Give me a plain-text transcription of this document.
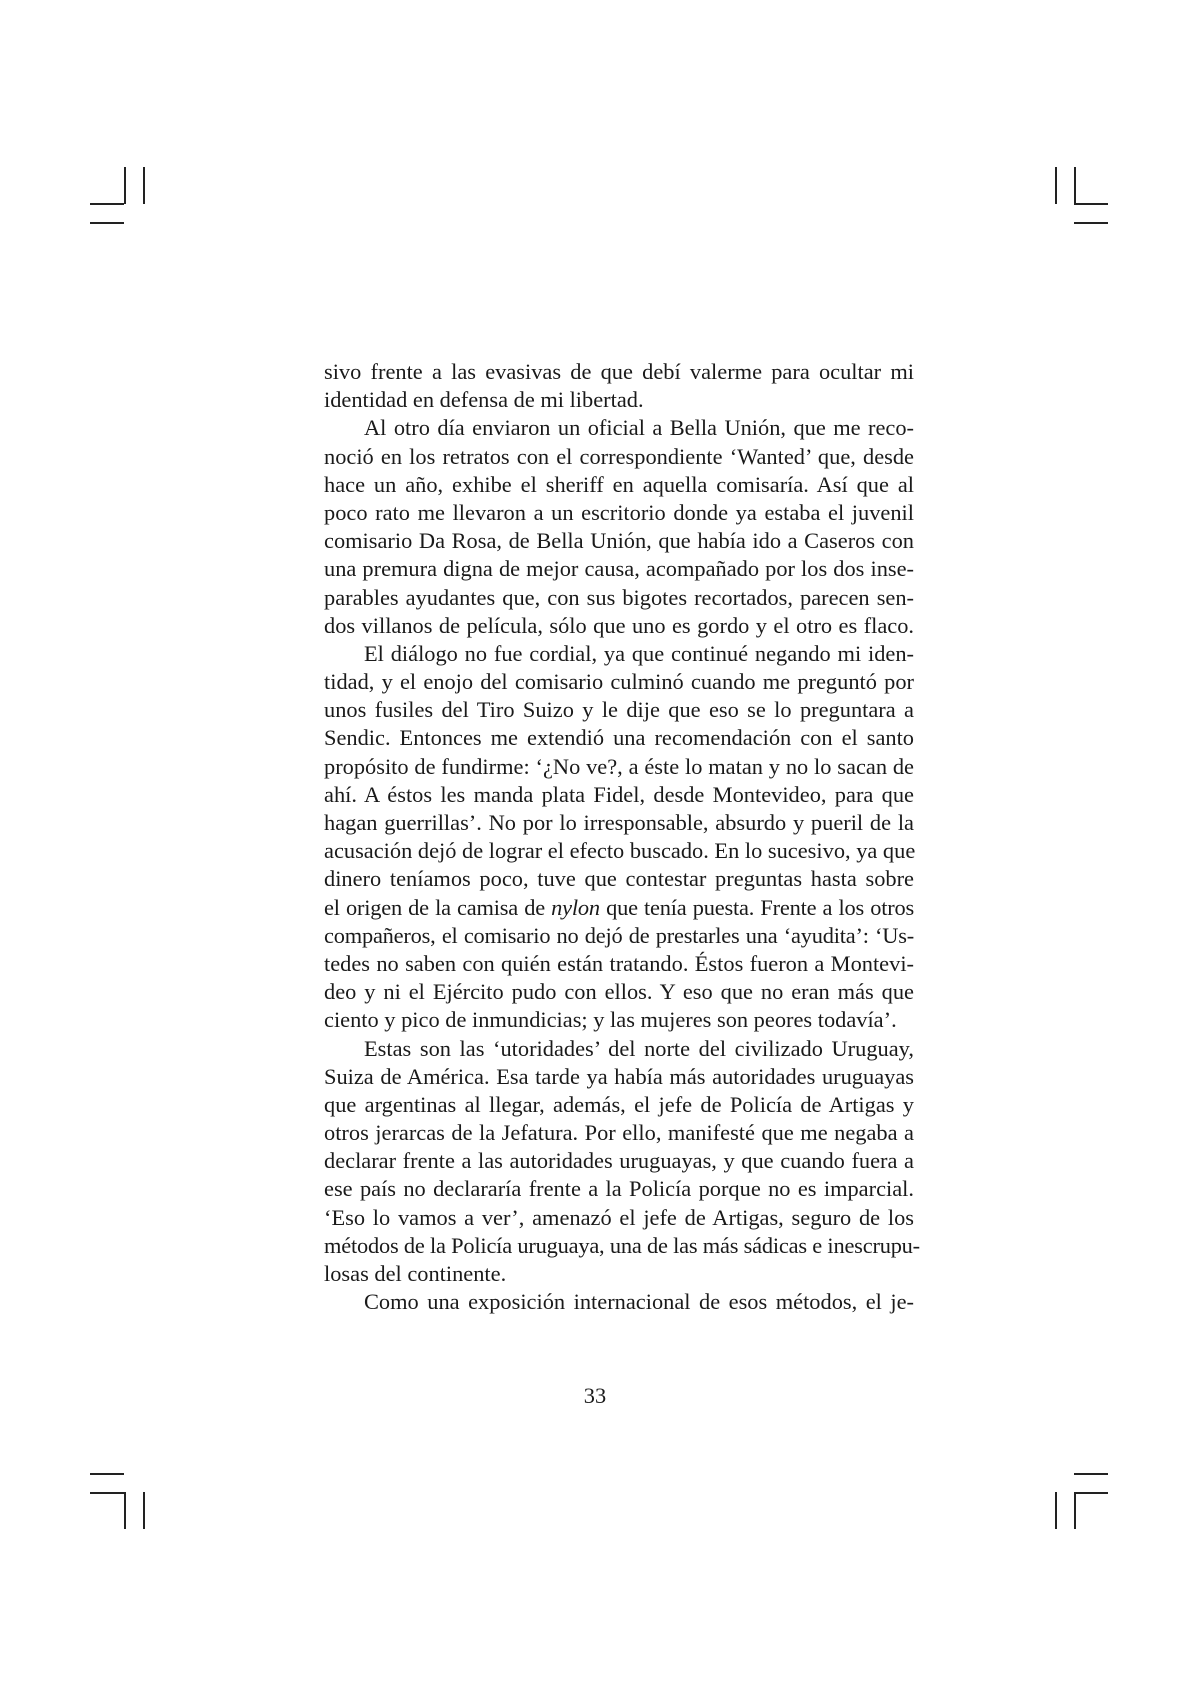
sivo frente a las evasivas de que debí valerme para ocultar mi
identidad en defensa de mi libertad.
Al otro día enviaron un oficial a Bella Unión, que me reco-
noció en los retratos con el correspondiente ‘Wanted’ que, desde
hace un año, exhibe el sheriff en aquella comisaría. Así que al
poco rato me llevaron a un escritorio donde ya estaba el juvenil
comisario Da Rosa, de Bella Unión, que había ido a Caseros con
una premura digna de mejor causa, acompañado por los dos inse-
parables ayudantes que, con sus bigotes recortados, parecen sen-
dos villanos de película, sólo que uno es gordo y el otro es flaco.
El diálogo no fue cordial, ya que continué negando mi iden-
tidad, y el enojo del comisario culminó cuando me preguntó por
unos fusiles del Tiro Suizo y le dije que eso se lo preguntara a
Sendic. Entonces me extendió una recomendación con el santo
propósito de fundirme: ‘¿No ve?, a éste lo matan y no lo sacan de
ahí. A éstos les manda plata Fidel, desde Montevideo, para que
hagan guerrillas’. No por lo irresponsable, absurdo y pueril de la
acusación dejó de lograr el efecto buscado. En lo sucesivo, ya que
dinero teníamos poco, tuve que contestar preguntas hasta sobre
el origen de la camisa de nylon que tenía puesta. Frente a los otros
compañeros, el comisario no dejó de prestarles una ‘ayudita’: ‘Us-
tedes no saben con quién están tratando. Éstos fueron a Montevi-
deo y ni el Ejército pudo con ellos. Y eso que no eran más que
ciento y pico de inmundicias; y las mujeres son peores todavía’.
Estas son las ‘utoridades’ del norte del civilizado Uruguay,
Suiza de América. Esa tarde ya había más autoridades uruguayas
que argentinas al llegar, además, el jefe de Policía de Artigas y
otros jerarcas de la Jefatura. Por ello, manifesté que me negaba a
declarar frente a las autoridades uruguayas, y que cuando fuera a
ese país no declararía frente a la Policía porque no es imparcial.
‘Eso lo vamos a ver’, amenazó el jefe de Artigas, seguro de los
métodos de la Policía uruguaya, una de las más sádicas e inescrupu-
losas del continente.
Como una exposición internacional de esos métodos, el je-
33
